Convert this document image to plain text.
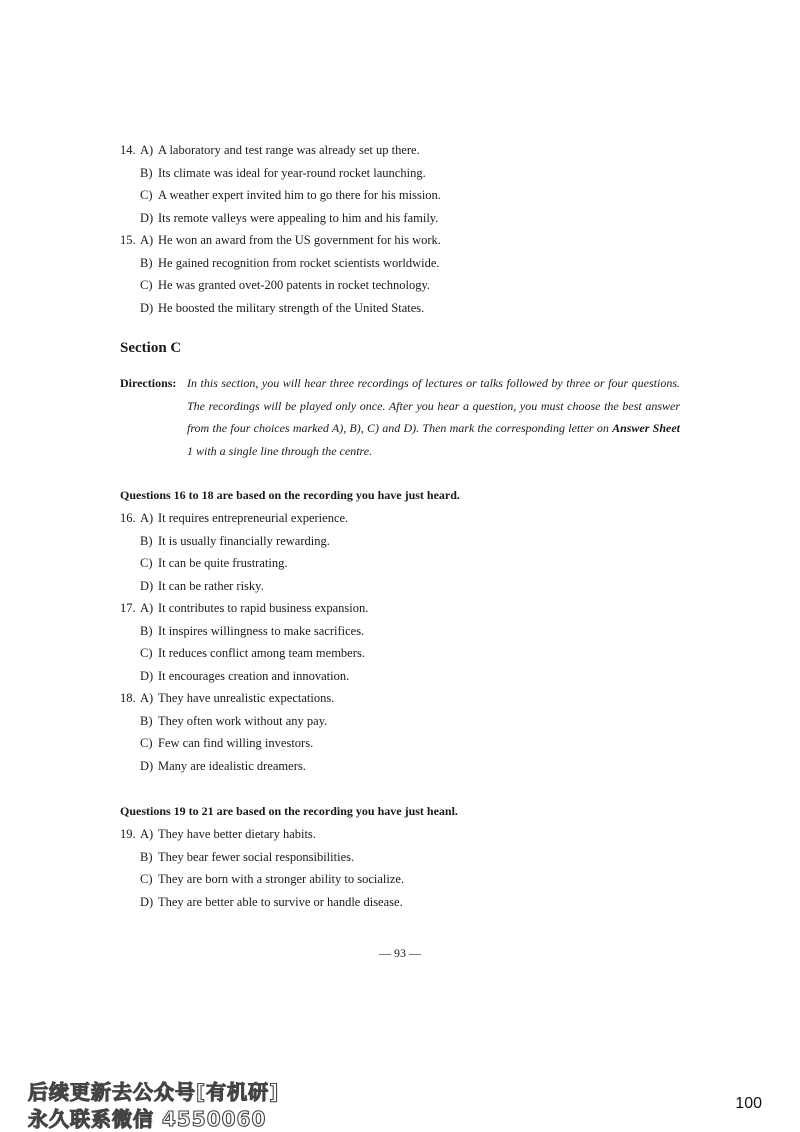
14. A) A laboratory and test range was already set up there.
B) Its climate was ideal for year-round rocket launching.
C) A weather expert invited him to go there for his mission.
D) Its remote valleys were appealing to him and his family.
15. A) He won an award from the US government for his work.
B) He gained recognition from rocket scientists worldwide.
C) He was granted ovet-200 patents in rocket technology.
D) He boosted the military strength of the United States.
Section C
Directions: In this section, you will hear three recordings of lectures or talks followed by three or four questions. The recordings will be played only once. After you hear a question, you must choose the best answer from the four choices marked A), B), C) and D). Then mark the corresponding letter on Answer Sheet 1 with a single line through the centre.
Questions 16 to 18 are based on the recording you have just heard.
16. A) It requires entrepreneurial experience.
B) It is usually financially rewarding.
C) It can be quite frustrating.
D) It can be rather risky.
17. A) It contributes to rapid business expansion.
B) It inspires willingness to make sacrifices.
C) It reduces conflict among team members.
D) It encourages creation and innovation.
18. A) They have unrealistic expectations.
B) They often work without any pay.
C) Few can find willing investors.
D) Many are idealistic dreamers.
Questions 19 to 21 are based on the recording you have just heanl.
19. A) They have better dietary habits.
B) They bear fewer social responsibilities.
C) They are born with a stronger ability to socialize.
D) They are better able to survive or handle disease.
— 93 —
后续更新去公众号[有机研]
永久联系微信 4550060
100
